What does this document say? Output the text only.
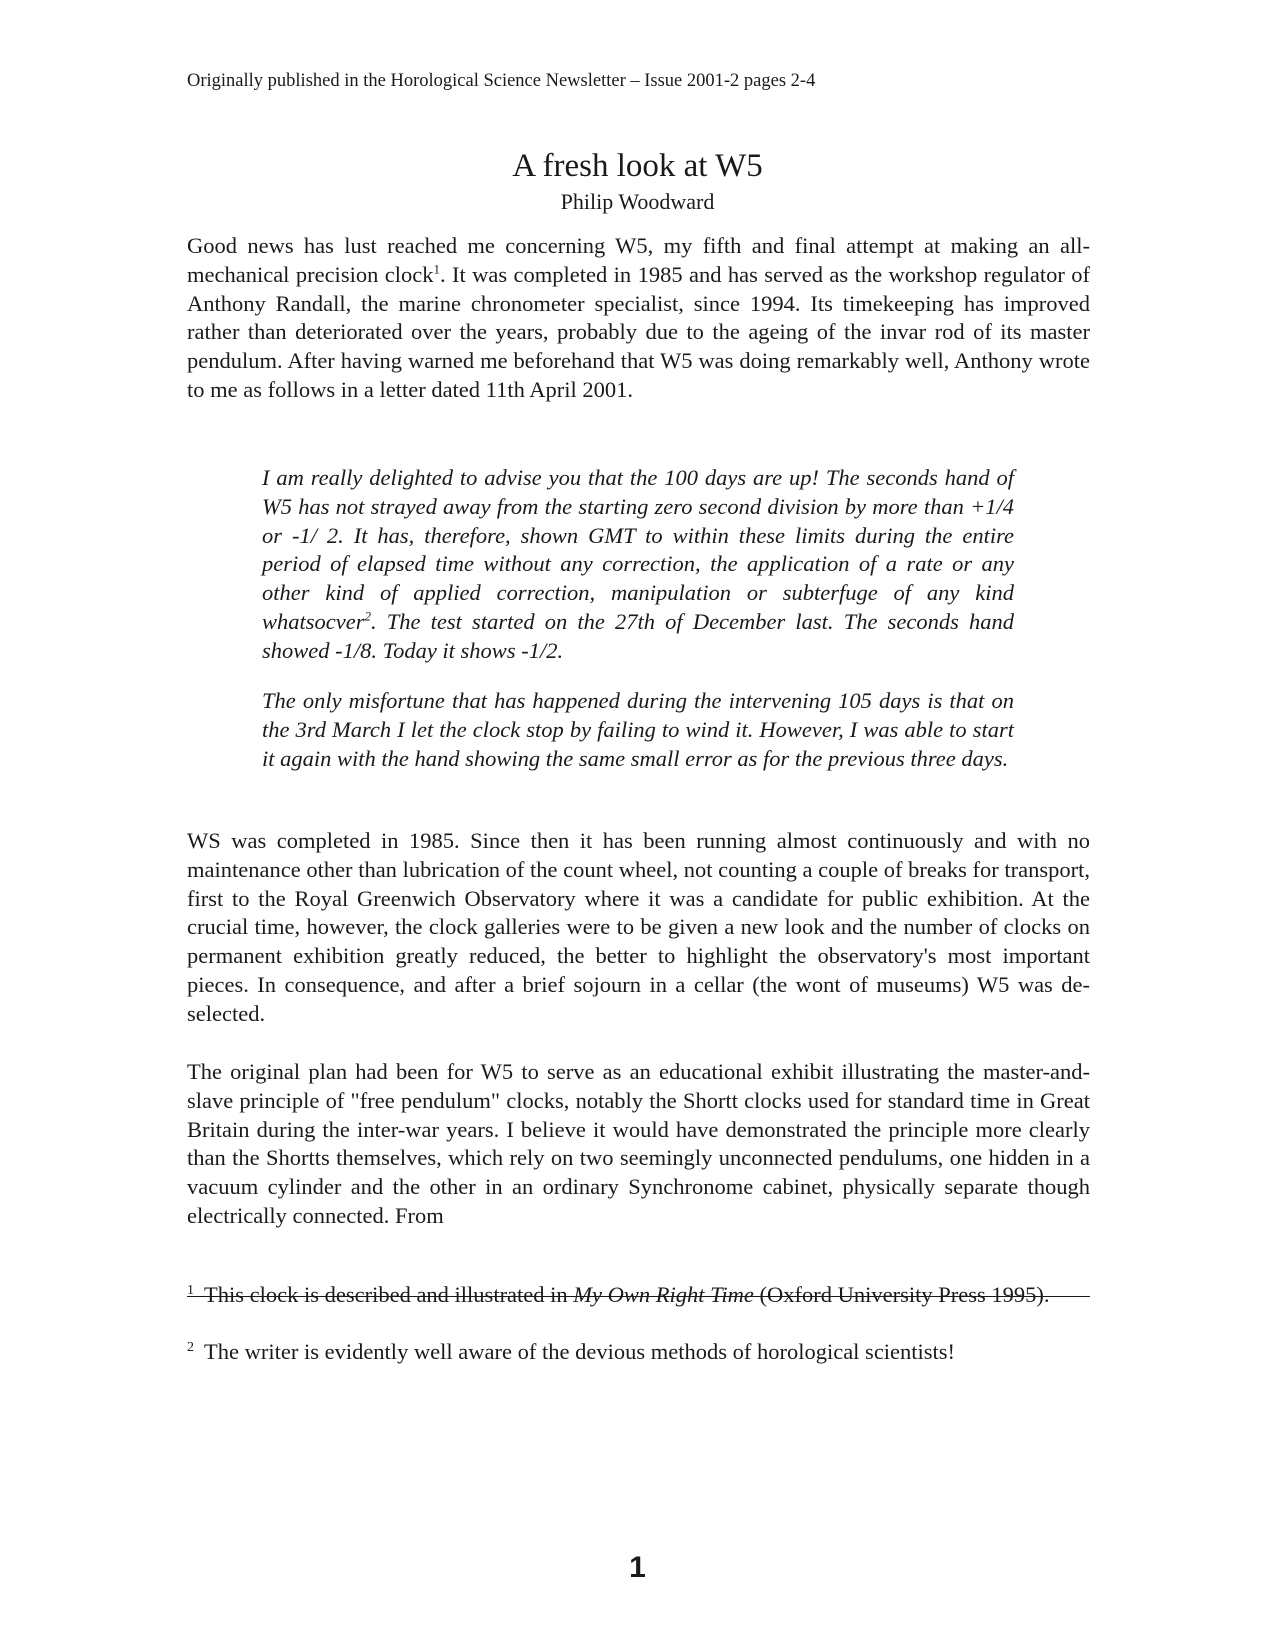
Originally published in the Horological Science Newsletter – Issue 2001-2 pages 2-4
A fresh look at W5
Philip Woodward

Good news has lust reached me concerning W5, my fifth and final attempt at making an all-mechanical precision clock$^1$. It was completed in 1985 and has served as the workshop regulator of Anthony Randall, the marine chronometer specialist, since 1994. Its timekeeping has improved rather than deteriorated over the years, probably due to the ageing of the invar rod of its master pendulum. After having warned me beforehand that W5 was doing remarkably well, Anthony wrote to me as follows in a letter dated 11th April 2001.

I am really delighted to advise you that the 100 days are up! The seconds hand of W5 has not strayed away from the starting zero second division by more than +1/4 or -1/ 2. It has, therefore, shown GMT to within these limits during the entire period of elapsed time without any correction, the application of a rate or any other kind of applied correction, manipulation or subterfuge of any kind whatsocver$^2$. The test started on the 27th of December last. The seconds hand showed -1/8. Today it shows -1/2.

The only misfortune that has happened during the intervening 105 days is that on the 3rd March I let the clock stop by failing to wind it. However, I was able to start it again with the hand showing the same small error as for the previous three days.

WS was completed in 1985. Since then it has been running almost continuously and with no maintenance other than lubrication of the count wheel, not counting a couple of breaks for transport, first to the Royal Greenwich Observatory where it was a candidate for public exhibition. At the crucial time, however, the clock galleries were to be given a new look and the number of clocks on permanent exhibition greatly reduced, the better to highlight the observatory's most important pieces. In consequence, and after a brief sojourn in a cellar (the wont of museums) W5 was de-selected.

The original plan had been for W5 to serve as an educational exhibit illustrating the master-and-slave principle of "free pendulum" clocks, notably the Shortt clocks used for standard time in Great Britain during the inter-war years. I believe it would have demonstrated the principle more clearly than the Shortts themselves, which rely on two seemingly unconnected pendulums, one hidden in a vacuum cylinder and the other in an ordinary Synchronome cabinet, physically separate though electrically connected. From

$^1$ This clock is described and illustrated in My Own Right Time (Oxford University Press 1995).

$^2$ The writer is evidently well aware of the devious methods of horological scientists!

1
